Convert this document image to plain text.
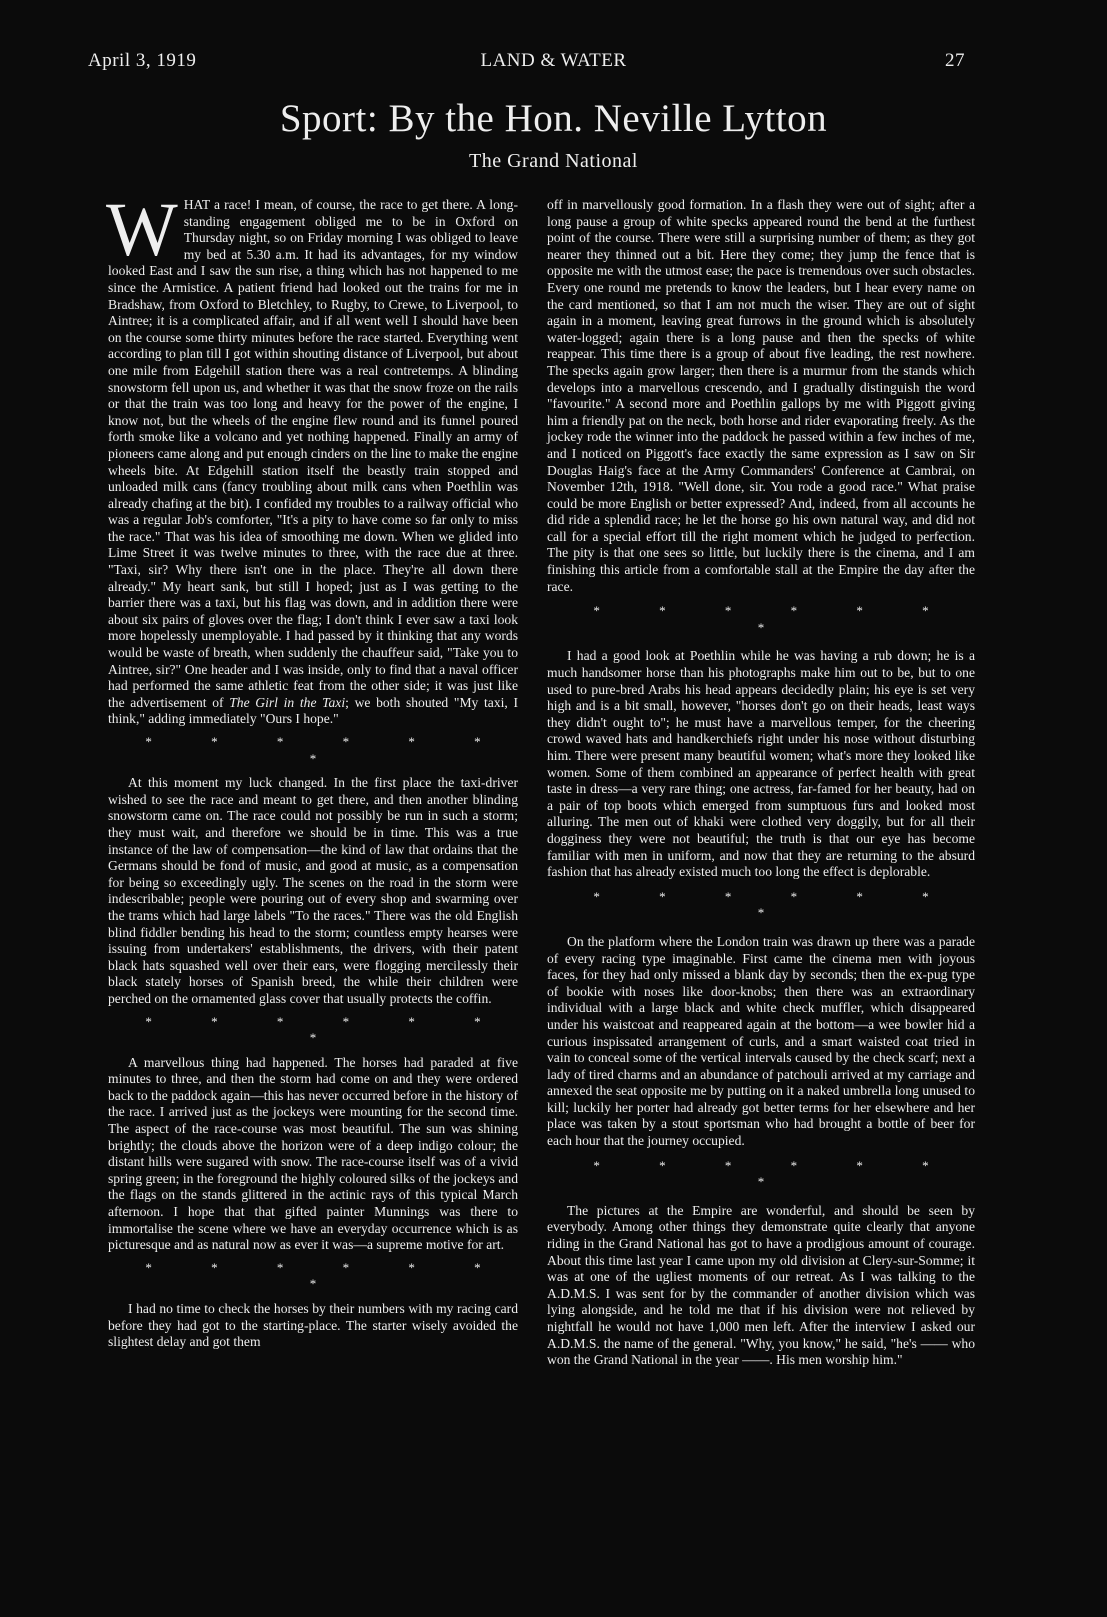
April 3, 1919	LAND & WATER	27
Sport: By the Hon. Neville Lytton
The Grand National

WHAT a race! I mean, of course, the race to get there. A long-standing engagement obliged me to be in Oxford on Thursday night, so on Friday morning I was obliged to leave my bed at 5.30 a.m. It had its advantages, for my window looked East and I saw the sun rise, a thing which has not happened to me since the Armistice. A patient friend had looked out the trains for me in Bradshaw, from Oxford to Bletchley, to Rugby, to Crewe, to Liverpool, to Aintree; it is a complicated affair, and if all went well I should have been on the course some thirty minutes before the race started. Everything went according to plan till I got within shouting distance of Liverpool, but about one mile from Edgehill station there was a real contretemps. A blinding snowstorm fell upon us, and whether it was that the snow froze on the rails or that the train was too long and heavy for the power of the engine, I know not, but the wheels of the engine flew round and its funnel poured forth smoke like a volcano and yet nothing happened. Finally an army of pioneers came along and put enough cinders on the line to make the engine wheels bite. At Edgehill station itself the beastly train stopped and unloaded milk cans (fancy troubling about milk cans when Poethlin was already chafing at the bit). I confided my troubles to a railway official who was a regular Job's comforter, "It's a pity to have come so far only to miss the race." That was his idea of smoothing me down. When we glided into Lime Street it was twelve minutes to three, with the race due at three. "Taxi, sir? Why there isn't one in the place. They're all down there already." My heart sank, but still I hoped; just as I was getting to the barrier there was a taxi, but his flag was down, and in addition there were about six pairs of gloves over the flag; I don't think I ever saw a taxi look more hopelessly unemployable. I had passed by it thinking that any words would be waste of breath, when suddenly the chauffeur said, "Take you to Aintree, sir?" One header and I was inside, only to find that a naval officer had performed the same athletic feat from the other side; it was just like the advertisement of The Girl in the Taxi; we both shouted "My taxi, I think," adding immediately "Ours I hope."

* * * * * * *

At this moment my luck changed. In the first place the taxi-driver wished to see the race and meant to get there, and then another blinding snowstorm came on. The race could not possibly be run in such a storm; they must wait, and therefore we should be in time. This was a true instance of the law of compensation—the kind of law that ordains that the Germans should be fond of music, and good at music, as a compensation for being so exceedingly ugly. The scenes on the road in the storm were indescribable; people were pouring out of every shop and swarming over the trams which had large labels "To the races." There was the old English blind fiddler bending his head to the storm; countless empty hearses were issuing from undertakers' establishments, the drivers, with their patent black hats squashed well over their ears, were flogging mercilessly their black stately horses of Spanish breed, the while their children were perched on the ornamented glass cover that usually protects the coffin.

* * * * * * *

A marvellous thing had happened. The horses had paraded at five minutes to three, and then the storm had come on and they were ordered back to the paddock again—this has never occurred before in the history of the race. I arrived just as the jockeys were mounting for the second time. The aspect of the race-course was most beautiful. The sun was shining brightly; the clouds above the horizon were of a deep indigo colour; the distant hills were sugared with snow. The race-course itself was of a vivid spring green; in the foreground the highly coloured silks of the jockeys and the flags on the stands glittered in the actinic rays of this typical March afternoon. I hope that that gifted painter Munnings was there to immortalise the scene where we have an everyday occurrence which is as picturesque and as natural now as ever it was—a supreme motive for art.

* * * * * * *

I had no time to check the horses by their numbers with my racing card before they had got to the starting-place. The starter wisely avoided the slightest delay and got them

off in marvellously good formation. In a flash they were out of sight; after a long pause a group of white specks appeared round the bend at the furthest point of the course. There were still a surprising number of them; as they got nearer they thinned out a bit. Here they come; they jump the fence that is opposite me with the utmost ease; the pace is tremendous over such obstacles. Every one round me pretends to know the leaders, but I hear every name on the card mentioned, so that I am not much the wiser. They are out of sight again in a moment, leaving great furrows in the ground which is absolutely water-logged; again there is a long pause and then the specks of white reappear. This time there is a group of about five leading, the rest nowhere. The specks again grow larger; then there is a murmur from the stands which develops into a marvellous crescendo, and I gradually distinguish the word "favourite." A second more and Poethlin gallops by me with Piggott giving him a friendly pat on the neck, both horse and rider evaporating freely. As the jockey rode the winner into the paddock he passed within a few inches of me, and I noticed on Piggott's face exactly the same expression as I saw on Sir Douglas Haig's face at the Army Commanders' Conference at Cambrai, on November 12th, 1918. "Well done, sir. You rode a good race." What praise could be more English or better expressed? And, indeed, from all accounts he did ride a splendid race; he let the horse go his own natural way, and did not call for a special effort till the right moment which he judged to perfection. The pity is that one sees so little, but luckily there is the cinema, and I am finishing this article from a comfortable stall at the Empire the day after the race.

* * * * * * *

I had a good look at Poethlin while he was having a rub down; he is a much handsomer horse than his photographs make him out to be, but to one used to pure-bred Arabs his head appears decidedly plain; his eye is set very high and is a bit small, however, "horses don't go on their heads, least ways they didn't ought to"; he must have a marvellous temper, for the cheering crowd waved hats and handkerchiefs right under his nose without disturbing him. There were present many beautiful women; what's more they looked like women. Some of them combined an appearance of perfect health with great taste in dress—a very rare thing; one actress, far-famed for her beauty, had on a pair of top boots which emerged from sumptuous furs and looked most alluring. The men out of khaki were clothed very doggily, but for all their dogginess they were not beautiful; the truth is that our eye has become familiar with men in uniform, and now that they are returning to the absurd fashion that has already existed much too long the effect is deplorable.

* * * * * * *

On the platform where the London train was drawn up there was a parade of every racing type imaginable. First came the cinema men with joyous faces, for they had only missed a blank day by seconds; then the ex-pug type of bookie with noses like door-knobs; then there was an extraordinary individual with a large black and white check muffler, which disappeared under his waistcoat and reappeared again at the bottom—a wee bowler hid a curious inspissated arrangement of curls, and a smart waisted coat tried in vain to conceal some of the vertical intervals caused by the check scarf; next a lady of tired charms and an abundance of patchouli arrived at my carriage and annexed the seat opposite me by putting on it a naked umbrella long unused to kill; luckily her porter had already got better terms for her elsewhere and her place was taken by a stout sportsman who had brought a bottle of beer for each hour that the journey occupied.

* * * * * * *

The pictures at the Empire are wonderful, and should be seen by everybody. Among other things they demonstrate quite clearly that anyone riding in the Grand National has got to have a prodigious amount of courage. About this time last year I came upon my old division at Clery-sur-Somme; it was at one of the ugliest moments of our retreat. As I was talking to the A.D.M.S. I was sent for by the commander of another division which was lying alongside, and he told me that if his division were not relieved by nightfall he would not have 1,000 men left. After the interview I asked our A.D.M.S. the name of the general. "Why, you know," he said, "he's —— who won the Grand National in the year ——. His men worship him."
